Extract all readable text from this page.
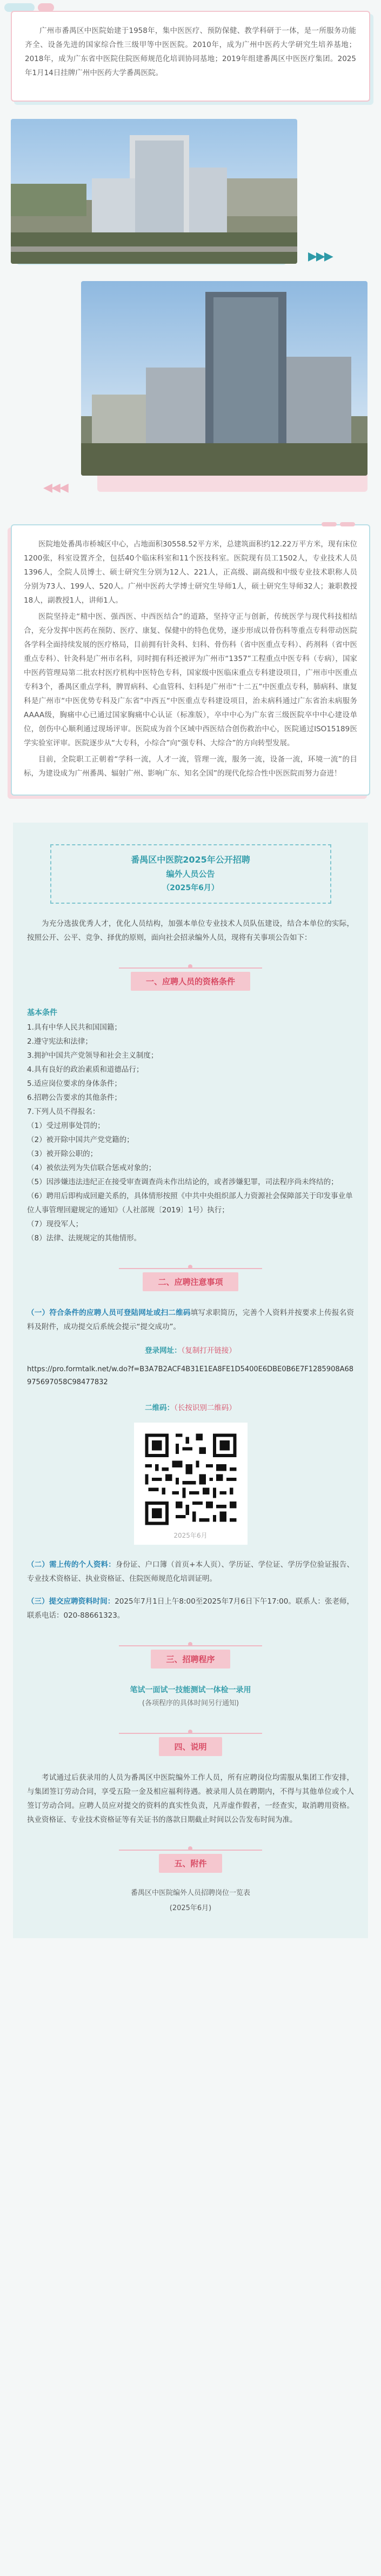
广州市番禺区中医院始建于1958年，集中医医疗、预防保健、教学科研于一体，是一所服务功能齐全、设备先进的国家综合性三级甲等中医医院。2010年，成为广州中医药大学研究生培养基地；2018年，成为广东省中医院住院医师规范化培训协同基地；2019年组建番禺区中医医疗集团。2025年1月14日挂牌广州中医药大学番禺医院。

▶▶▶
◀◀◀

医院地处番禺市桥城区中心，占地面积30558.52平方米，总建筑面积约12.22万平方米，现有床位1200张，科室设置齐全，包括40个临床科室和11个医技科室。医院现有员工1502人，专业技术人员1396人，全院人员博士、硕士研究生分别为12人、221人，正高级、副高级和中级专业技术职称人员分别为73人、199人、520人。广州中医药大学博士研究生导师1人，硕士研究生导师32人；兼职教授18人，副教授1人，讲师1人。

医院坚持走“精中医、强西医、中西医结合”的道路，坚持守正与创新，传统医学与现代科技相结合，充分发挥中医药在预防、医疗、康复、保健中的特色优势，逐步形成以骨伤科等重点专科带动医院各学科全面持续发展的医疗格局，目前拥有针灸科、妇科、骨伤科（省中医重点专科）、药剂科（省中医重点专科）、针灸科是广州市名科，同时拥有科还被评为广州市“1357”工程重点中医专科（专病），国家中医药管理局第二批农村医疗机构中医特色专科，国家级中医临床重点专科建设项目，广州市中医重点专科3个，番禺区重点学科，脾胃病科、心血管科、妇科是广州市“十二五”中医重点专科，肺病科、康复科是广州市“中医优势专科及广东省”中西五“中医重点专科建设项目，治未病科通过广东省治未病服务AAAA级，胸痛中心已通过国家胸痛中心认证（标准版），卒中中心为广东省三级医院卒中中心建设单位，创伤中心顺利通过现场评审。医院成为首个区域中西医结合创伤救治中心，医院通过ISO15189医学实验室评审。医院逐步从“大专科，小综合”向“强专科、大综合”的方向转型发展。

目前，全院职工正朝着“学科一流，人才一流，管理一流，服务一流，设备一流，环境一流”的目标，为建设成为广州番禺、辐射广州、影响广东、知名全国”的现代化综合性中医医院而努力奋进！

番禺区中医院2025年公开招聘
编外人员公告
（2025年6月）

为充分选拔优秀人才，优化人员结构，加强本单位专业技术人员队伍建设，结合本单位的实际，按照公开、公平、竞争、择优的原则，面向社会招录编外人员，现将有关事项公告如下：

一、应聘人员的资格条件
基本条件
1.具有中华人民共和国国籍；
2.遵守宪法和法律；
3.拥护中国共产党领导和社会主义制度；
4.具有良好的政治素质和道德品行；
5.适应岗位要求的身体条件；
6.招聘公告要求的其他条件；
7.下列人员不得报名：
（1）受过刑事处罚的；
（2）被开除中国共产党党籍的；
（3）被开除公职的；
（4）被依法列为失信联合惩戒对象的；
（5）因涉嫌违法违纪正在接受审查调查尚未作出结论的，或者涉嫌犯罪，司法程序尚未终结的；
（6）聘用后即构成回避关系的，具体情形按照《中共中央组织部人力资源社会保障部关于印发事业单位人事管理回避规定的通知》（人社部规〔2019〕1号）执行；
（7）现役军人；
（8）法律、法规规定的其他情形。
二、应聘注意事项

（一）符合条件的应聘人员可登陆网址或扫二维码填写求职简历，完善个人资料并按要求上传报名资料及附件，成功提交后系统会提示“提交成功”。

登录网址：（复制打开链接）

https://pro.formtalk.net/w.do?f=B3A7B2ACF4B31E1EA8FE1D5400E6DBE0B6E7F1285908A68975697058C98477832

二维码：（长按识别二维码）

2025年6月

（二）需上传的个人资料：身份证、户口簿（首页+本人页）、学历证、学位证、学历学位验证报告、专业技术资格证、执业资格证、住院医师规范化培训证明。

（三）提交应聘资料时间：2025年7月1日上午8:00至2025年7月6日下午17:00。联系人：张老师，联系电话：020-88661323。

三、招聘程序
笔试一面试一技能测试一体检一录用
(各项程序的具体时间另行通知)
四、说明

考试通过后获录用的人员为番禺区中医院编外工作人员，所有应聘岗位均需服从集团工作安排，与集团签订劳动合同，享受五险一金及相应福利待遇。被录用人员在聘期内，不得与其他单位或个人签订劳动合同。应聘人员应对提交的资料的真实性负责，凡弄虚作假者，一经查实，取消聘用资格。执业资格证、专业技术资格证等有关证书的落款日期截止时间以公告发布时间为准。

五、附件
番禺区中医院编外人员招聘岗位一览表
(2025年6月)
